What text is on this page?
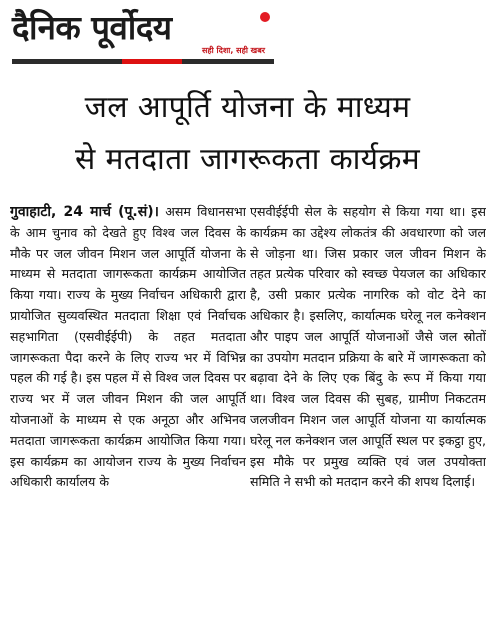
दैनिक पूर्वोदय
सही दिशा, सही खबर
जल आपूर्ति योजना के माध्यम
से मतदाता जागरूकता कार्यक्रम
गुवाहाटी, 24 मार्च (पू.सं)। असम विधानसभा के आम चुनाव को देखते हुए विश्व जल दिवस के मौके पर जल जीवन मिशन जल आपूर्ति योजना के माध्यम से मतदाता जागरूकता कार्यक्रम आयोजित किया गया। राज्य के मुख्य निर्वाचन अधिकारी द्वारा प्रायोजित सुव्यवस्थित मतदाता शिक्षा एवं निर्वाचक सहभागिता (एसवीईईपी) के तहत मतदाता जागरूकता पैदा करने के लिए राज्य भर में विभिन्न पहल की गई है। इस पहल में से विश्व जल दिवस पर राज्य भर में जल जीवन मिशन की जल आपूर्ति योजनाओं के माध्यम से एक अनूठा और अभिनव मतदाता जागरूकता कार्यक्रम आयोजित किया गया। इस कार्यक्रम का आयोजन राज्य के मुख्य निर्वाचन अधिकारी कार्यालय के
एसवीईईपी सेल के सहयोग से किया गया था। इस कार्यक्रम का उद्देश्य लोकतंत्र की अवधारणा को जल से जोड़ना था। जिस प्रकार जल जीवन मिशन के तहत प्रत्येक परिवार को स्वच्छ पेयजल का अधिकार है, उसी प्रकार प्रत्येक नागरिक को वोट देने का अधिकार है। इसलिए, कार्यात्मक घरेलू नल कनेक्शन और पाइप जल आपूर्ति योजनाओं जैसे जल स्रोतों का उपयोग मतदान प्रक्रिया के बारे में जागरूकता को बढ़ावा देने के लिए एक बिंदु के रूप में किया गया था। विश्व जल दिवस की सुबह, ग्रामीण निकटतम जलजीवन मिशन जल आपूर्ति योजना या कार्यात्मक घरेलू नल कनेक्शन जल आपूर्ति स्थल पर इकट्ठा हुए, इस मौके पर प्रमुख व्यक्ति एवं जल उपयोक्ता समिति ने सभी को मतदान करने की शपथ दिलाई।
